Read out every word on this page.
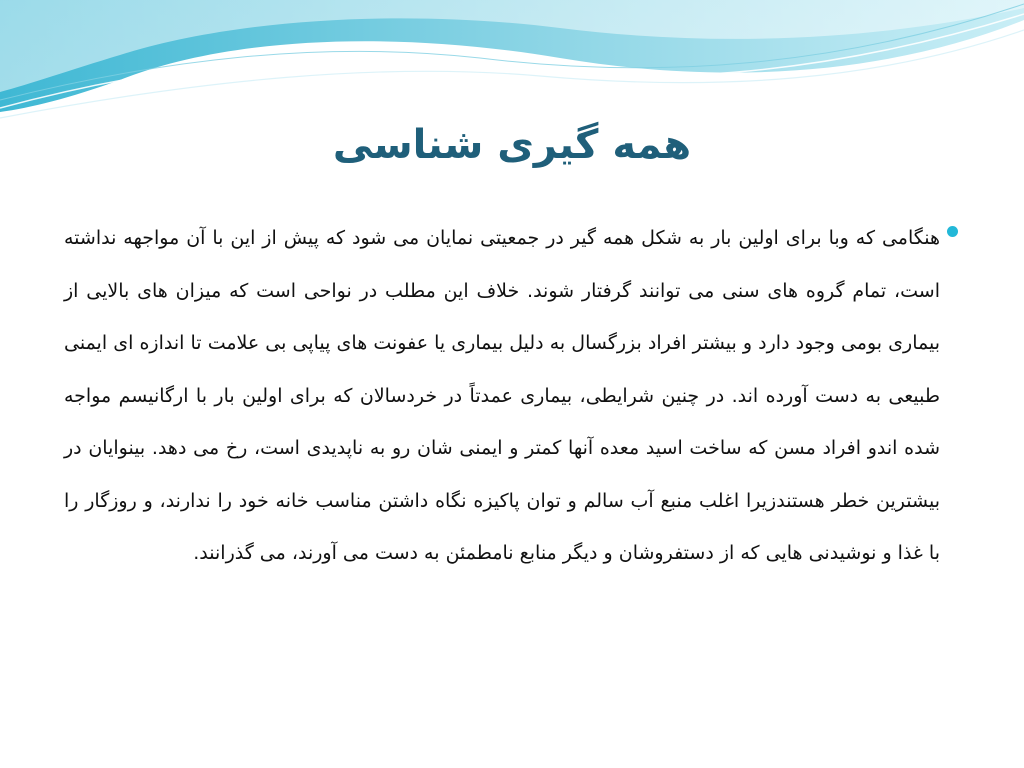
همه گیری شناسی

هنگامی که وبا برای اولین بار به شکل همه گیر در جمعیتی نمایان می شود که پیش از این با آن مواجهه نداشته است، تمام گروه های سنی می توانند گرفتار شوند. خلاف این مطلب در نواحی است که میزان های بالایی از بیماری بومی وجود دارد و بیشتر افراد بزرگسال به دلیل بیماری یا عفونت های پیاپی بی علامت تا اندازه ای ایمنی طبیعی به دست آورده اند. در چنین شرایطی، بیماری عمدتاً در خردسالان که برای اولین بار با ارگانیسم مواجه شده اندو افراد مسن که ساخت اسید معده آنها کمتر و ایمنی شان رو به ناپدیدی است، رخ می دهد. بینوایان در بیشترین خطر هستندزیرا اغلب منبع آب سالم و توان پاکیزه نگاه داشتن مناسب خانه خود را ندارند، و روزگار را با غذا و نوشیدنی هایی که از دستفروشان و دیگر منابع نامطمئن به دست می آورند، می گذرانند.
